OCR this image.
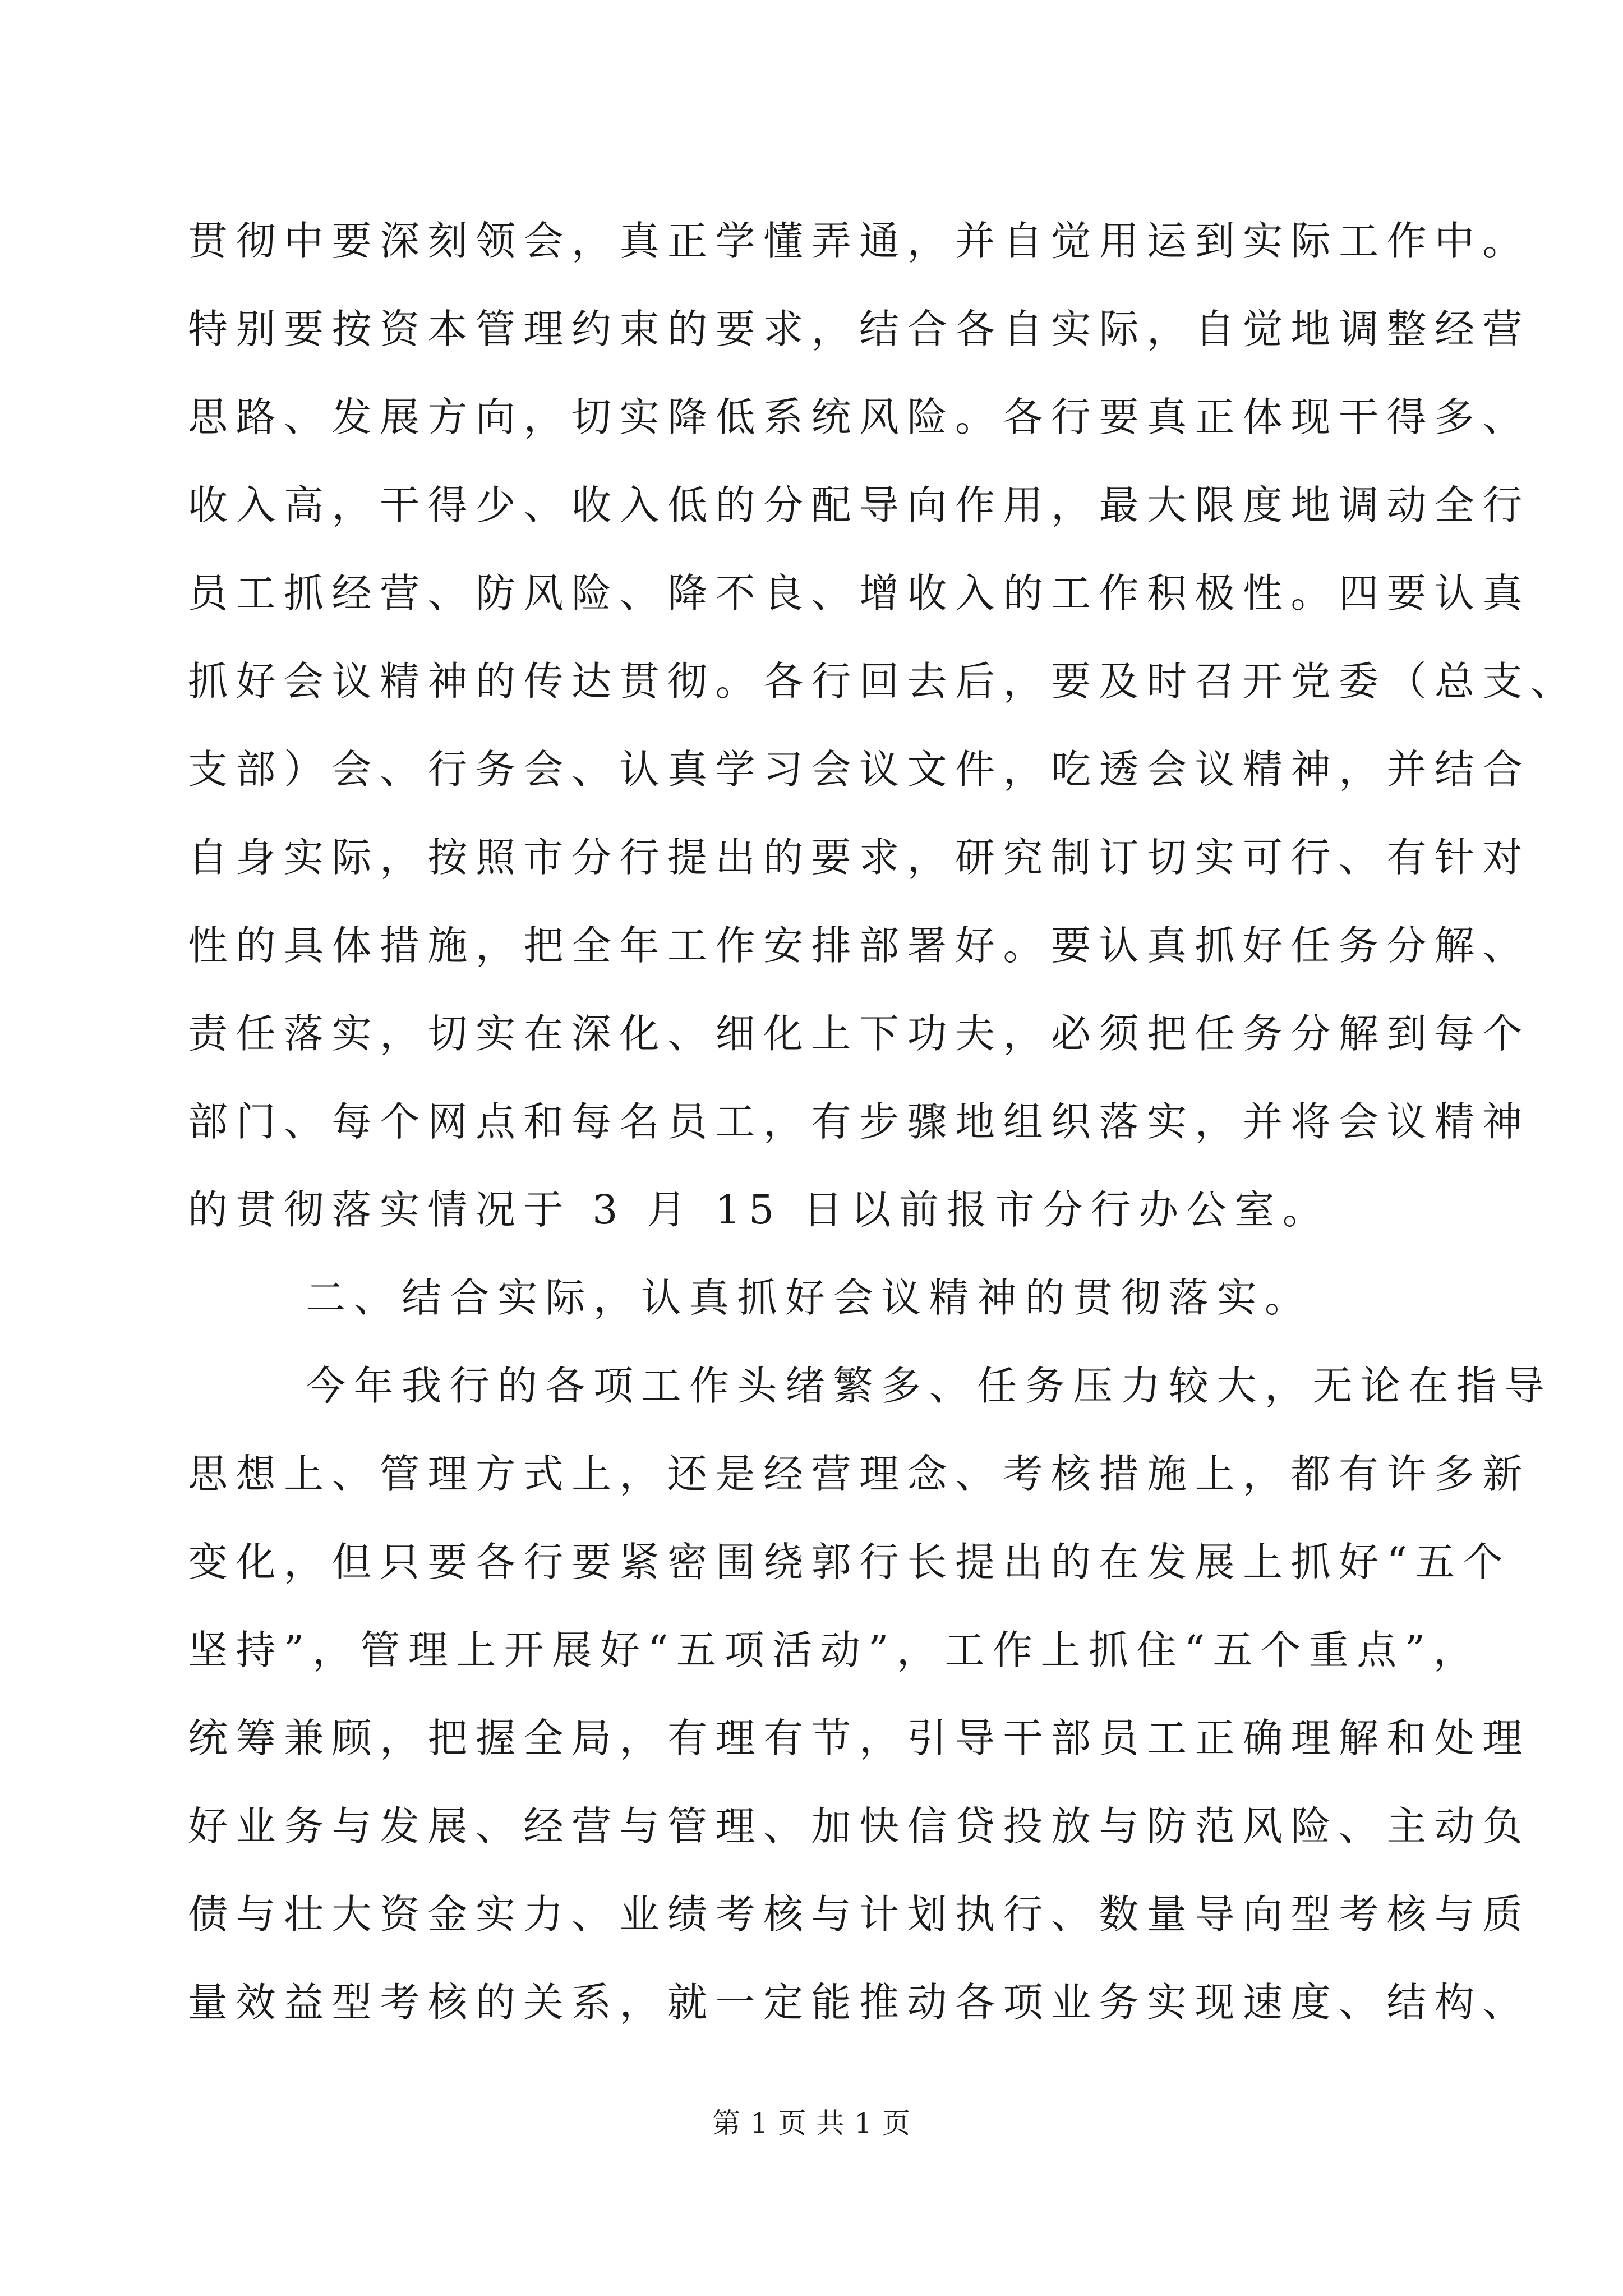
贯彻中要深刻领会，真正学懂弄通，并自觉用运到实际工作中。
特别要按资本管理约束的要求，结合各自实际，自觉地调整经营
思路、发展方向，切实降低系统风险。各行要真正体现干得多、
收入高，干得少、收入低的分配导向作用，最大限度地调动全行
员工抓经营、防风险、降不良、增收入的工作积极性。四要认真
抓好会议精神的传达贯彻。各行回去后，要及时召开党委（总支、
支部）会、行务会、认真学习会议文件，吃透会议精神，并结合
自身实际，按照市分行提出的要求，研究制订切实可行、有针对
性的具体措施，把全年工作安排部署好。要认真抓好任务分解、
责任落实，切实在深化、细化上下功夫，必须把任务分解到每个
部门、每个网点和每名员工，有步骤地组织落实，并将会议精神
的贯彻落实情况于 3 月 15 日以前报市分行办公室。
二、结合实际，认真抓好会议精神的贯彻落实。
今年我行的各项工作头绪繁多、任务压力较大，无论在指导
思想上、管理方式上，还是经营理念、考核措施上，都有许多新
变化，但只要各行要紧密围绕郭行长提出的在发展上抓好“五个
坚持”，管理上开展好“五项活动”，工作上抓住“五个重点”，
统筹兼顾，把握全局，有理有节，引导干部员工正确理解和处理
好业务与发展、经营与管理、加快信贷投放与防范风险、主动负
债与壮大资金实力、业绩考核与计划执行、数量导向型考核与质
量效益型考核的关系，就一定能推动各项业务实现速度、结构、
第 1 页 共 1 页
